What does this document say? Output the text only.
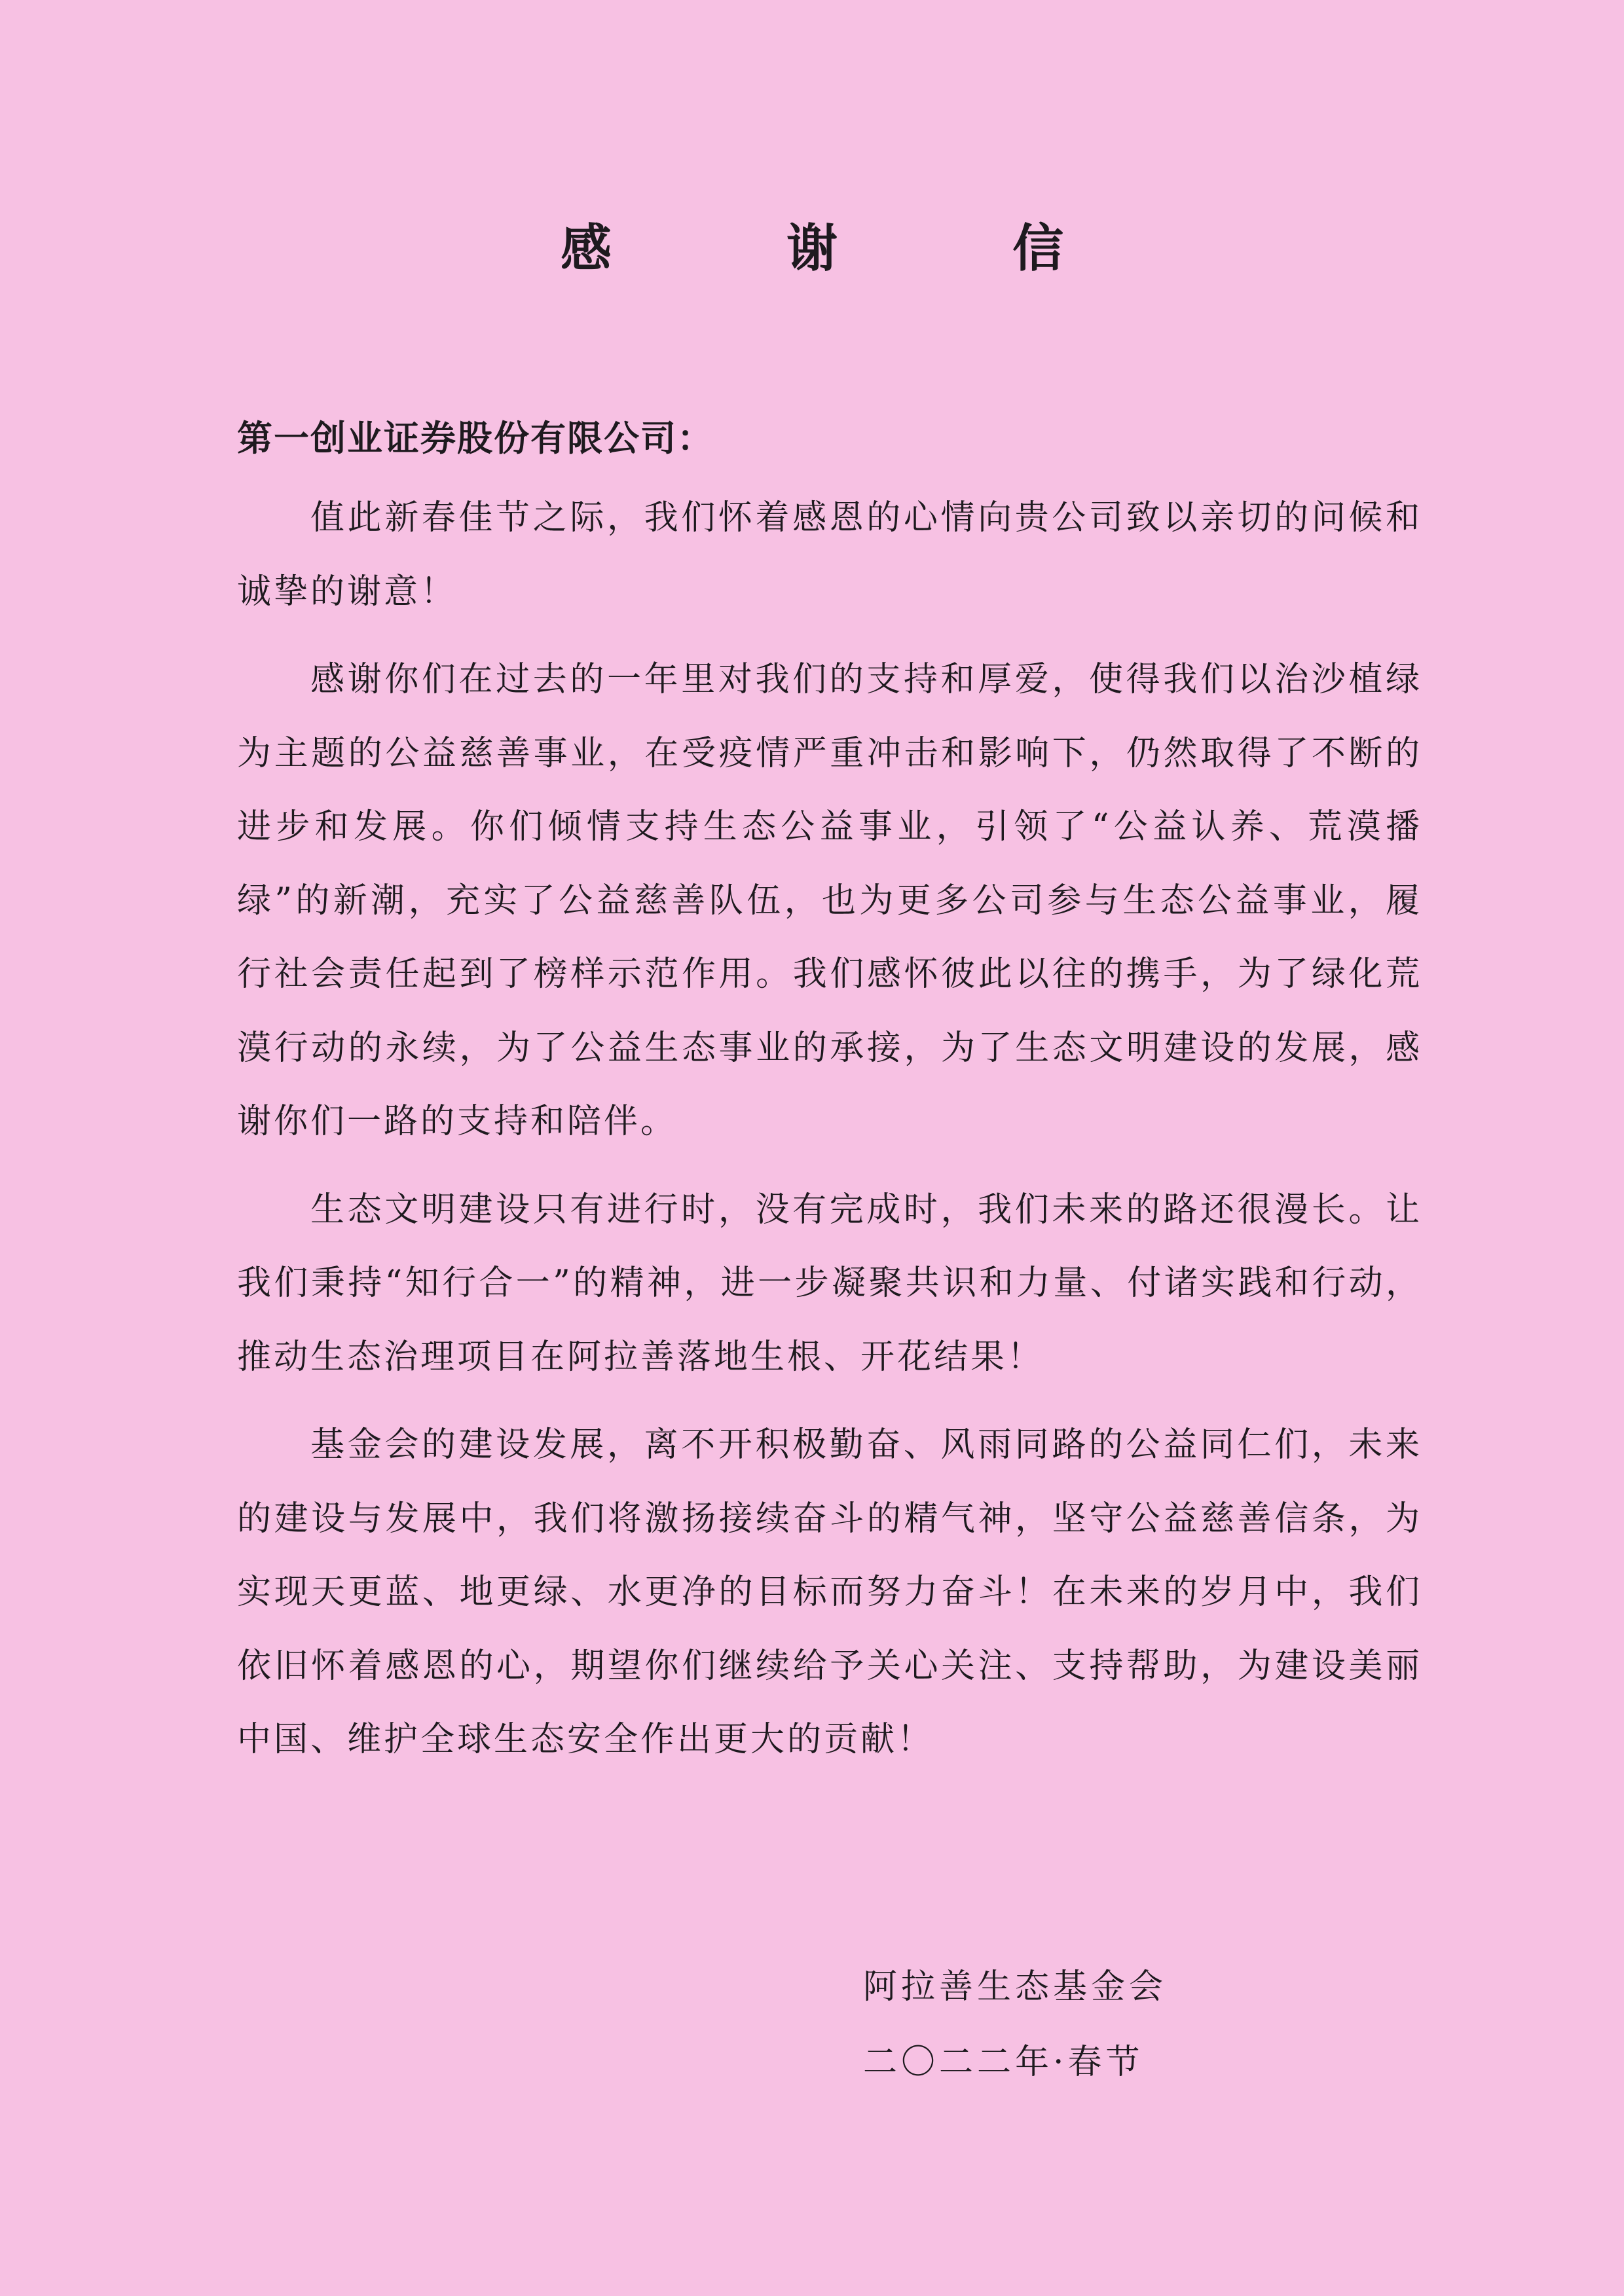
感 谢 信

第一创业证券股份有限公司：

值此新春佳节之际，我们怀着感恩的心情向贵公司致以亲切的问候和诚挚的谢意！

感谢你们在过去的一年里对我们的支持和厚爱，使得我们以治沙植绿为主题的公益慈善事业，在受疫情严重冲击和影响下，仍然取得了不断的进步和发展。你们倾情支持生态公益事业，引领了“公益认养、荒漠播绿”的新潮，充实了公益慈善队伍，也为更多公司参与生态公益事业，履行社会责任起到了榜样示范作用。我们感怀彼此以往的携手，为了绿化荒漠行动的永续，为了公益生态事业的承接，为了生态文明建设的发展，感谢你们一路的支持和陪伴。

生态文明建设只有进行时，没有完成时，我们未来的路还很漫长。让我们秉持“知行合一”的精神，进一步凝聚共识和力量、付诸实践和行动，推动生态治理项目在阿拉善落地生根、开花结果！

基金会的建设发展，离不开积极勤奋、风雨同路的公益同仁们，未来的建设与发展中，我们将激扬接续奋斗的精气神，坚守公益慈善信条，为实现天更蓝、地更绿、水更净的目标而努力奋斗！在未来的岁月中，我们依旧怀着感恩的心，期望你们继续给予关心关注、支持帮助，为建设美丽中国、维护全球生态安全作出更大的贡献！

阿拉善生态基金会
二〇二二年·春节
